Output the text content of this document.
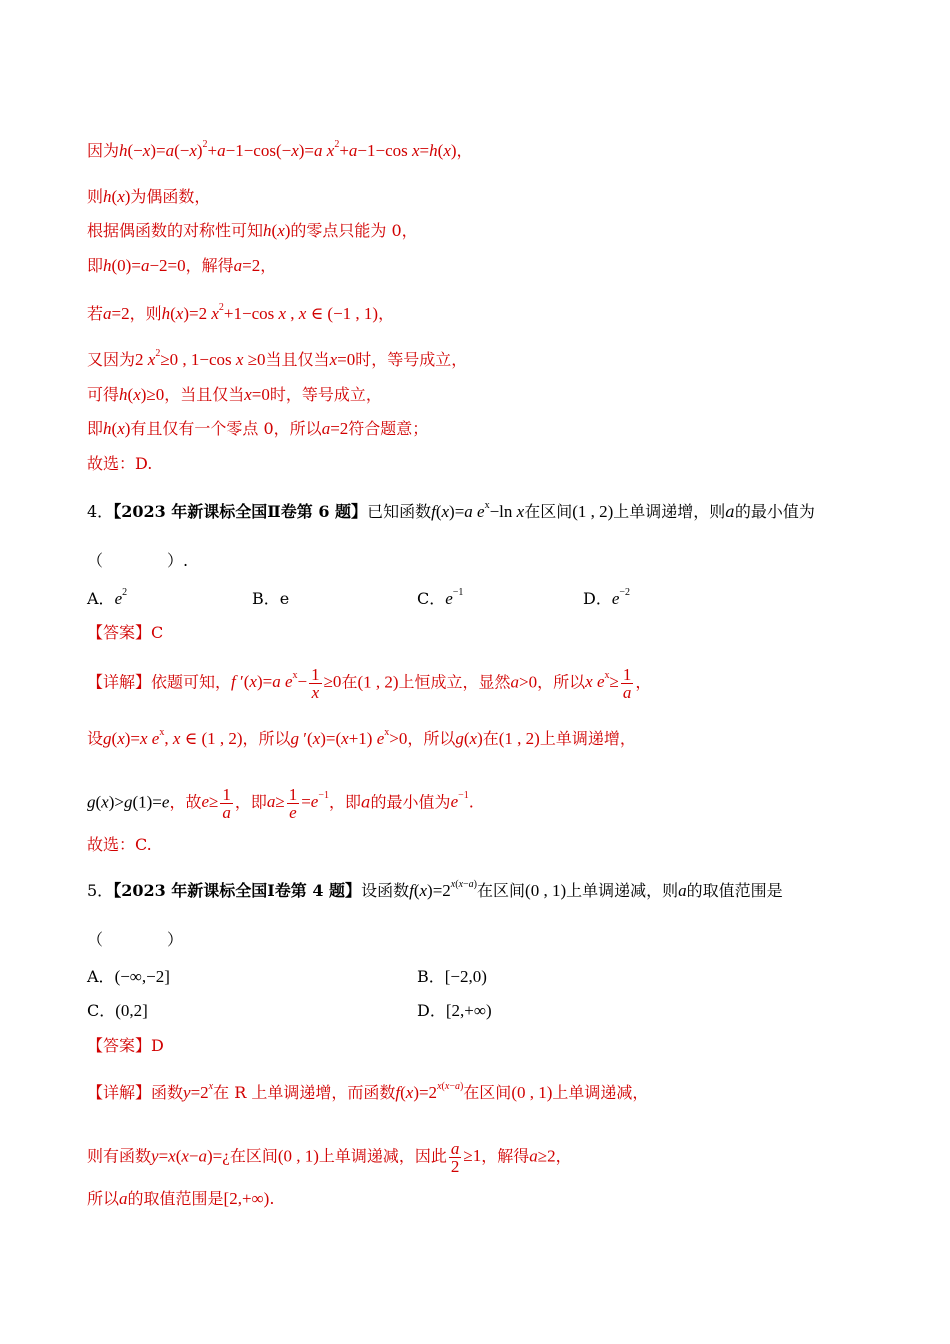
因为$h(-x)=a(-x)^2+a-1-\cos(-x)=a$ $x^2+a-1-\cos$ x=h(x)，
则h(x)为偶函数，
根据偶函数的对称性可知h(x)的零点只能为 0，
即h(0)=a−2=0，解得a=2，
若a=2，则h(x)=2 $x^2+1-\cos$ x , x ∈ (−1 , 1)，
又因为2 $x^2\ge 0$ , 1−cos x ≥0当且仅当x=0时，等号成立，
可得h(x)≥0，当且仅当x=0时，等号成立，
即h(x)有且仅有一个零点 0，所以a=2符合题意；
故选：D.
4．【2023 年新课标全国Ⅱ卷第 6 题】已知函数f(x)=a $e^x-\ln$ x在区间(1 , 2)上单调递增，则a的最小值为
（　　　　）.
A．$e^2$	B．e	C．$e^{-1}$	D．$e^{-2}$
【答案】C
【详解】依题可知，f ′(x)=a $e^x- \frac{1}{x} \ge 0$在(1 , 2)上恒成立，显然a>0，所以x $e^x\ge \frac{1}{a}$ ，
设g(x)=x $e^x$, x ∈ (1 , 2)，所以g ′(x)=(x+1) $e^x>0$，所以g(x)在(1 , 2)上单调递增，
g(x)>g(1)=e，故$e\ge \frac{1}{a}$ ，即$a\ge \frac{1}{e} =e^{-1}$，即a的最小值为$e^{-1}$.
故选：C.
5．【2023 年新课标全国Ⅰ卷第 4 题】设函数$f(x)=2^{x(x-a)}$在区间(0 , 1)上单调递减，则a的取值范围是
（　　　　）
A．(−∞,−2]	B．[−2,0)
C．(0,2]	D．[2,+∞)
【答案】D
【详解】函数$y=2^x$在 R 上单调递增，而函数$f(x)=2^{x(x-a)}$在区间(0 , 1)上单调递减，
则有函数y=x(x−a)=¿在区间(0 , 1)上单调递减，因此 $\frac{a}{2} \ge 1$，解得a≥2，
所以a的取值范围是[2,+∞).
